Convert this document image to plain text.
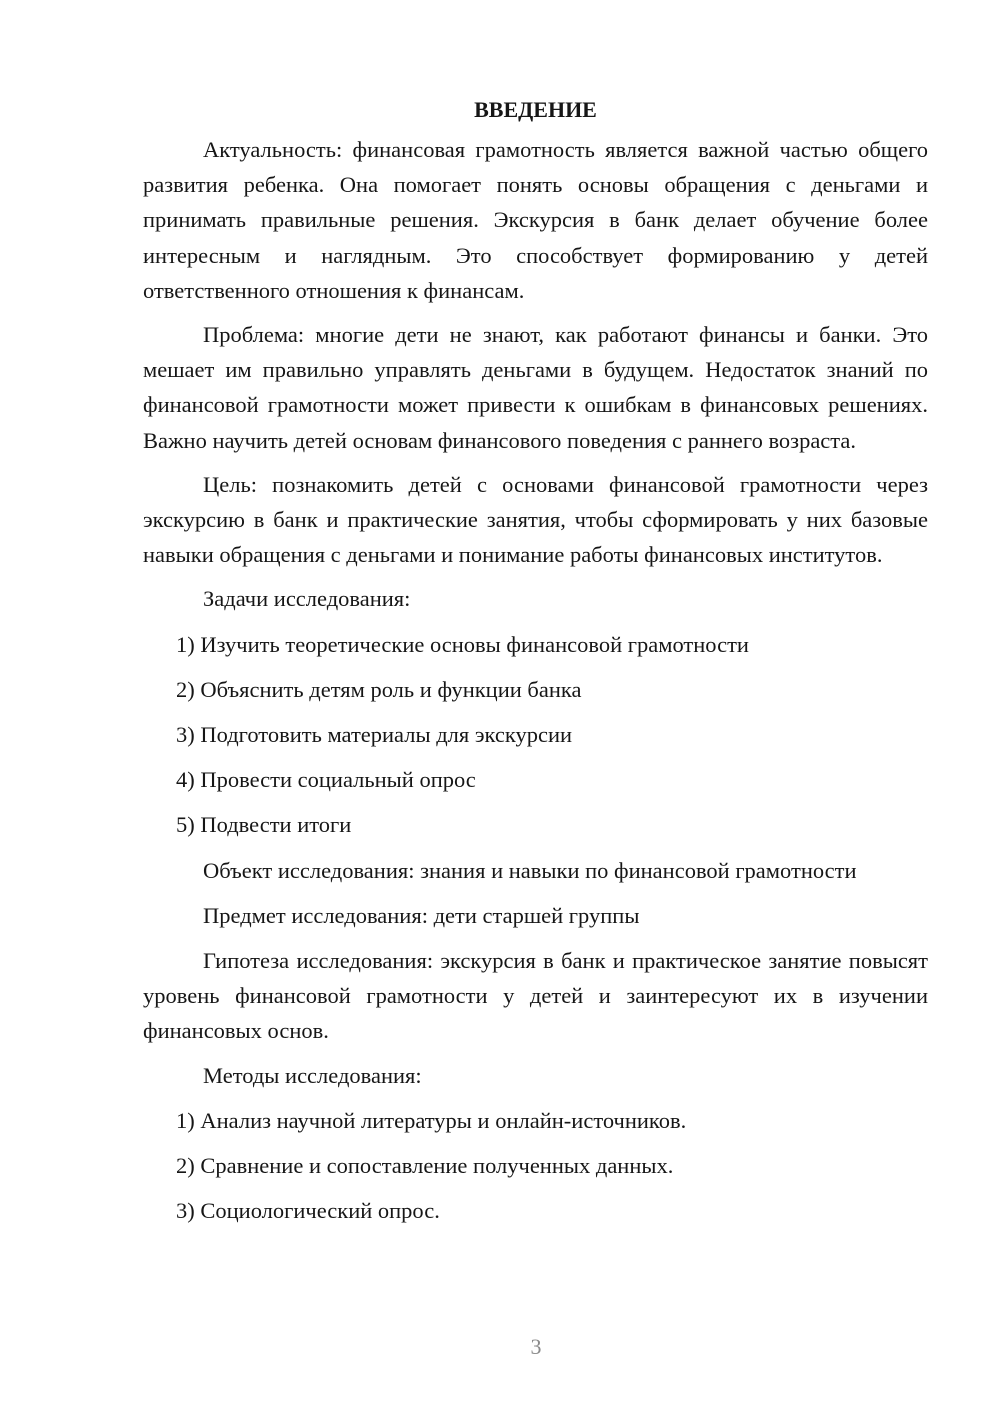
ВВЕДЕНИЕ

Актуальность: финансовая грамотность является важной частью общего развития ребенка. Она помогает понять основы обращения с деньгами и принимать правильные решения. Экскурсия в банк делает обучение более интересным и наглядным. Это способствует формированию у детей ответственного отношения к финансам.

Проблема: многие дети не знают, как работают финансы и банки. Это мешает им правильно управлять деньгами в будущем. Недостаток знаний по финансовой грамотности может привести к ошибкам в финансовых решениях. Важно научить детей основам финансового поведения с раннего возраста.

Цель: познакомить детей с основами финансовой грамотности через экскурсию в банк и практические занятия, чтобы сформировать у них базовые навыки обращения с деньгами и понимание работы финансовых институтов.

Задачи исследования:
1) Изучить теоретические основы финансовой грамотности
2) Объяснить детям роль и функции банка
3) Подготовить материалы для экскурсии
4) Провести социальный опрос
5) Подвести итоги
Объект исследования: знания и навыки по финансовой грамотности
Предмет исследования: дети старшей группы

Гипотеза исследования: экскурсия в банк и практическое занятие повысят уровень финансовой грамотности у детей и заинтересуют их в изучении финансовых основ.

Методы исследования:
1) Анализ научной литературы и онлайн-источников.
2) Сравнение и сопоставление полученных данных.
3) Социологический опрос.
3
